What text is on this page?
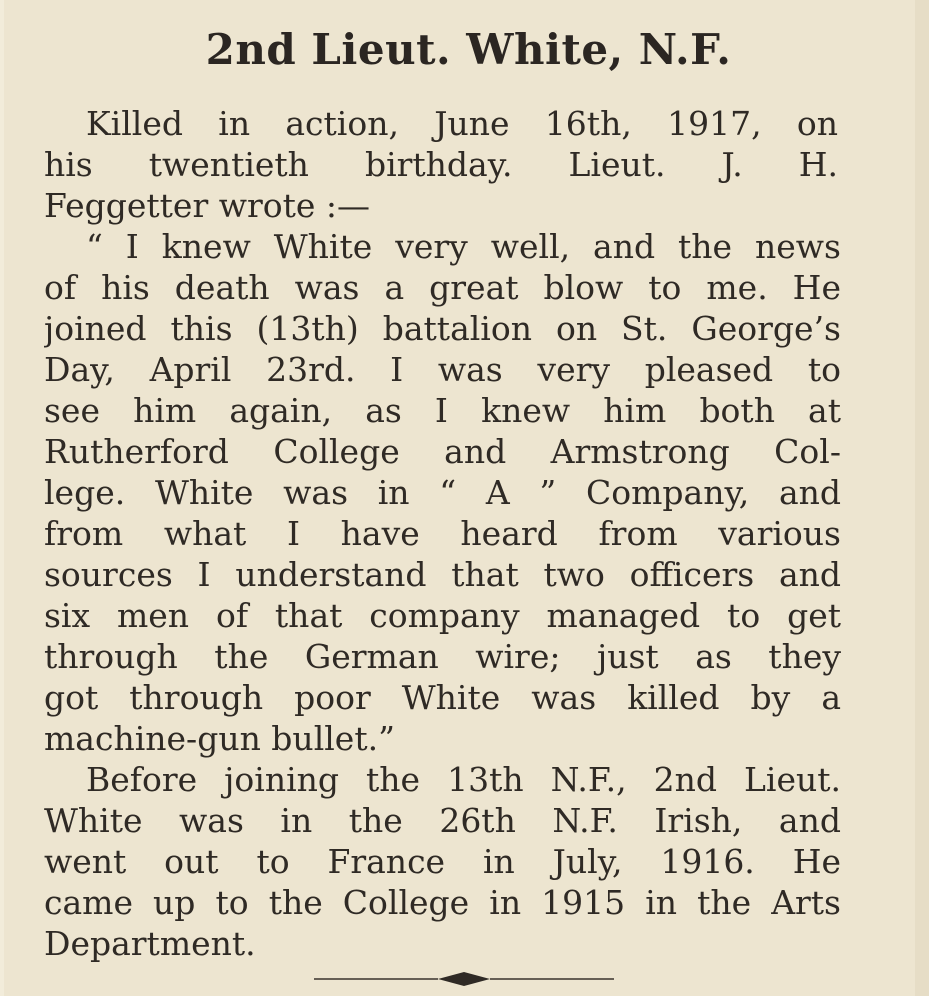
2nd Lieut. White, N.F.
Killed in action, June 16th, 1917, on
his twentieth birthday. Lieut. J. H.
Feggetter wrote :—
“ I knew White very well, and the news
of his death was a great blow to me. He
joined this (13th) battalion on St. George’s
Day, April 23rd. I was very pleased to
see him again, as I knew him both at
Rutherford College and Armstrong Col-
lege. White was in “ A ” Company, and
from what I have heard from various
sources I understand that two officers and
six men of that company managed to get
through the German wire; just as they
got through poor White was killed by a
machine-gun bullet.”
Before joining the 13th N.F., 2nd Lieut.
White was in the 26th N.F. Irish, and
went out to France in July, 1916. He
came up to the College in 1915 in the Arts
Department.
